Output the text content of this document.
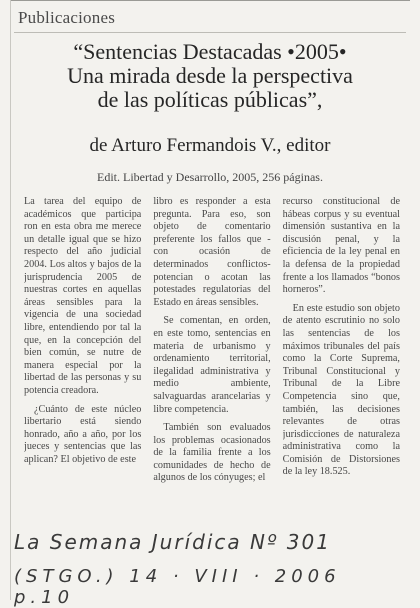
Publicaciones
“Sentencias Destacadas •2005•
Una mirada desde la perspectiva
de las políticas públicas”,
de Arturo Fermandois V., editor
Edit. Libertad y Desarrollo, 2005, 256 páginas.

La tarea del equipo de académicos que participa ron en esta obra me merece un detalle igual que se hizo respecto del año judicial 2004. Los altos y bajos de la jurisprudencia 2005 de nuestras cortes en aquellas áreas sensibles para la vigencia de una sociedad libre, entendiendo por tal la que, en la concepción del bien común, se nutre de manera especial por la libertad de las personas y su potencia creadora.

¿Cuánto de este núcleo libertario está siendo honrado, año a año, por los jueces y sentencias que las aplican? El objetivo de este

libro es responder a esta pregunta. Para eso, son objeto de comentario preferente los fallos que -con ocasión de determinados conflictos- potencian o acotan las potestades regulatorias del Estado en áreas sensibles.

Se comentan, en orden, en este tomo, sentencias en materia de urbanismo y ordenamiento territorial, ilegalidad administrativa y medio ambiente, salvaguardas arancelarias y libre competencia.

También son evaluados los problemas ocasionados de la familia frente a los comunidades de hecho de algunos de los cónyuges; el

recurso constitucional de hábeas corpus y su eventual dimensión sustantiva en la discusión penal, y la eficiencia de la ley penal en la defensa de la propiedad frente a los llamados “bonos horneros”.

En este estudio son objeto de atento escrutinio no solo las sentencias de los máximos tribunales del país como la Corte Suprema, Tribunal Constitucional y Tribunal de la Libre Competencia sino que, también, las decisiones relevantes de otras jurisdicciones de naturaleza administrativa como la Comisión de Distorsiones de la ley 18.525.

La Semana Jurídica Nº 301
(STGO.) 14 · VIII · 2006 p.10
